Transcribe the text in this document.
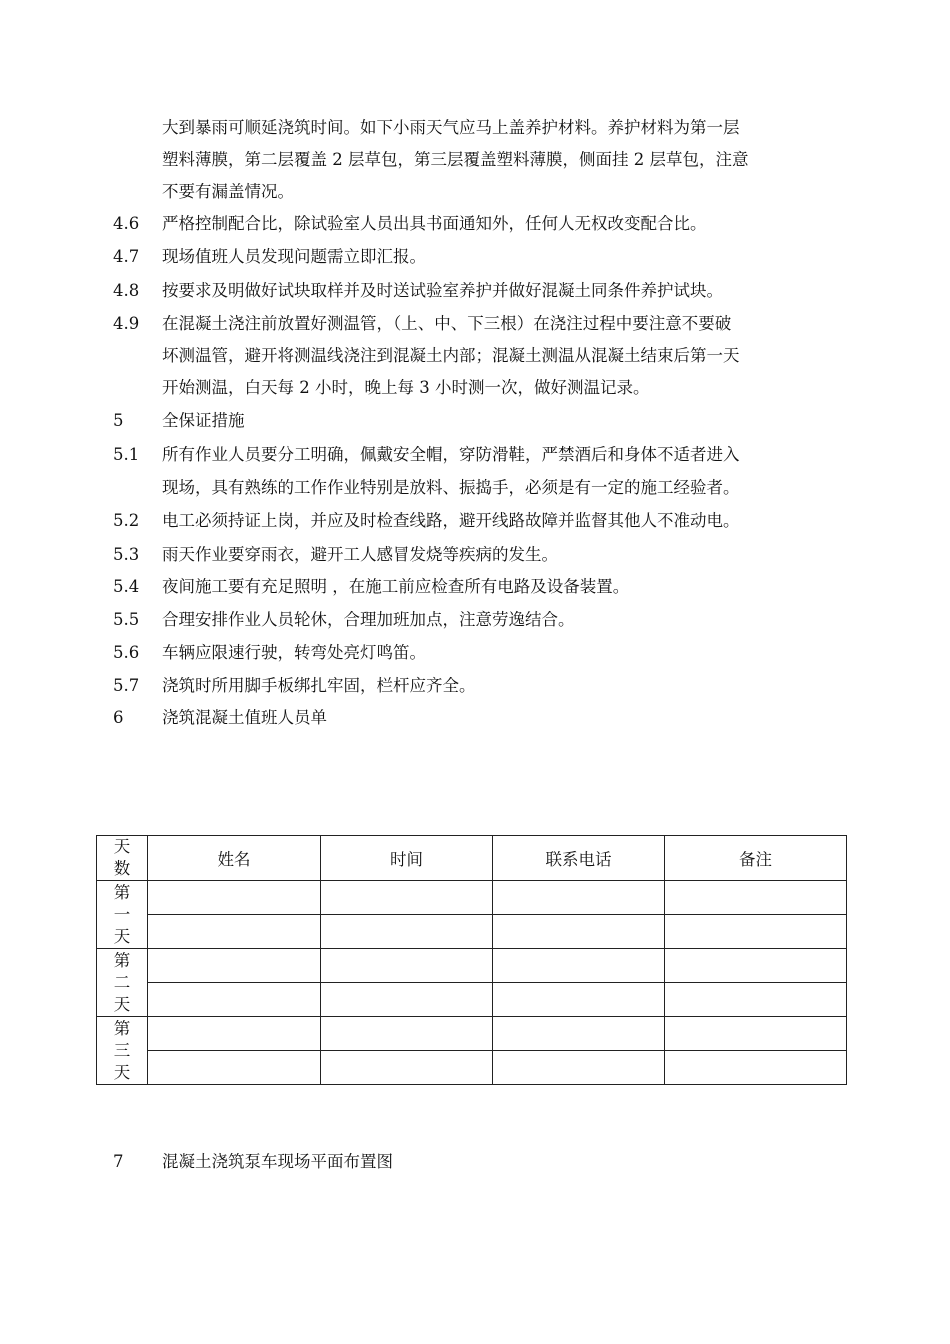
大到暴雨可顺延浇筑时间。如下小雨天气应马上盖养护材料。养护材料为第一层
塑料薄膜，第二层覆盖 2 层草包，第三层覆盖塑料薄膜，侧面挂 2 层草包，注意
不要有漏盖情况。
4.6 严格控制配合比，除试验室人员出具书面通知外，任何人无权改变配合比。
4.7 现场值班人员发现问题需立即汇报。
4.8 按要求及明做好试块取样并及时送试验室养护并做好混凝土同条件养护试块。
4.9 在混凝土浇注前放置好测温管，（上、中、下三根）在浇注过程中要注意不要破
坏测温管，避开将测温线浇注到混凝土内部；混凝土测温从混凝土结束后第一天
开始测温，白天每 2 小时，晚上每 3 小时测一次，做好测温记录。
5 全保证措施
5.1 所有作业人员要分工明确，佩戴安全帽，穿防滑鞋，严禁酒后和身体不适者进入
现场，具有熟练的工作作业特别是放料、振捣手，必须是有一定的施工经验者。
5.2 电工必须持证上岗，并应及时检查线路，避开线路故障并监督其他人不准动电。
5.3 雨天作业要穿雨衣，避开工人感冒发烧等疾病的发生。
5.4 夜间施工要有充足照明 ，在施工前应检查所有电路及设备装置。
5.5 合理安排作业人员轮休，合理加班加点，注意劳逸结合。
5.6 车辆应限速行驶，转弯处亮灯鸣笛。
5.7 浇筑时所用脚手板绑扎牢固，栏杆应齐全。
6 浇筑混凝土值班人员单
天数	姓名	时间	联系电话	备注
第一天				

第二天				

第三天				

7 混凝土浇筑泵车现场平面布置图
